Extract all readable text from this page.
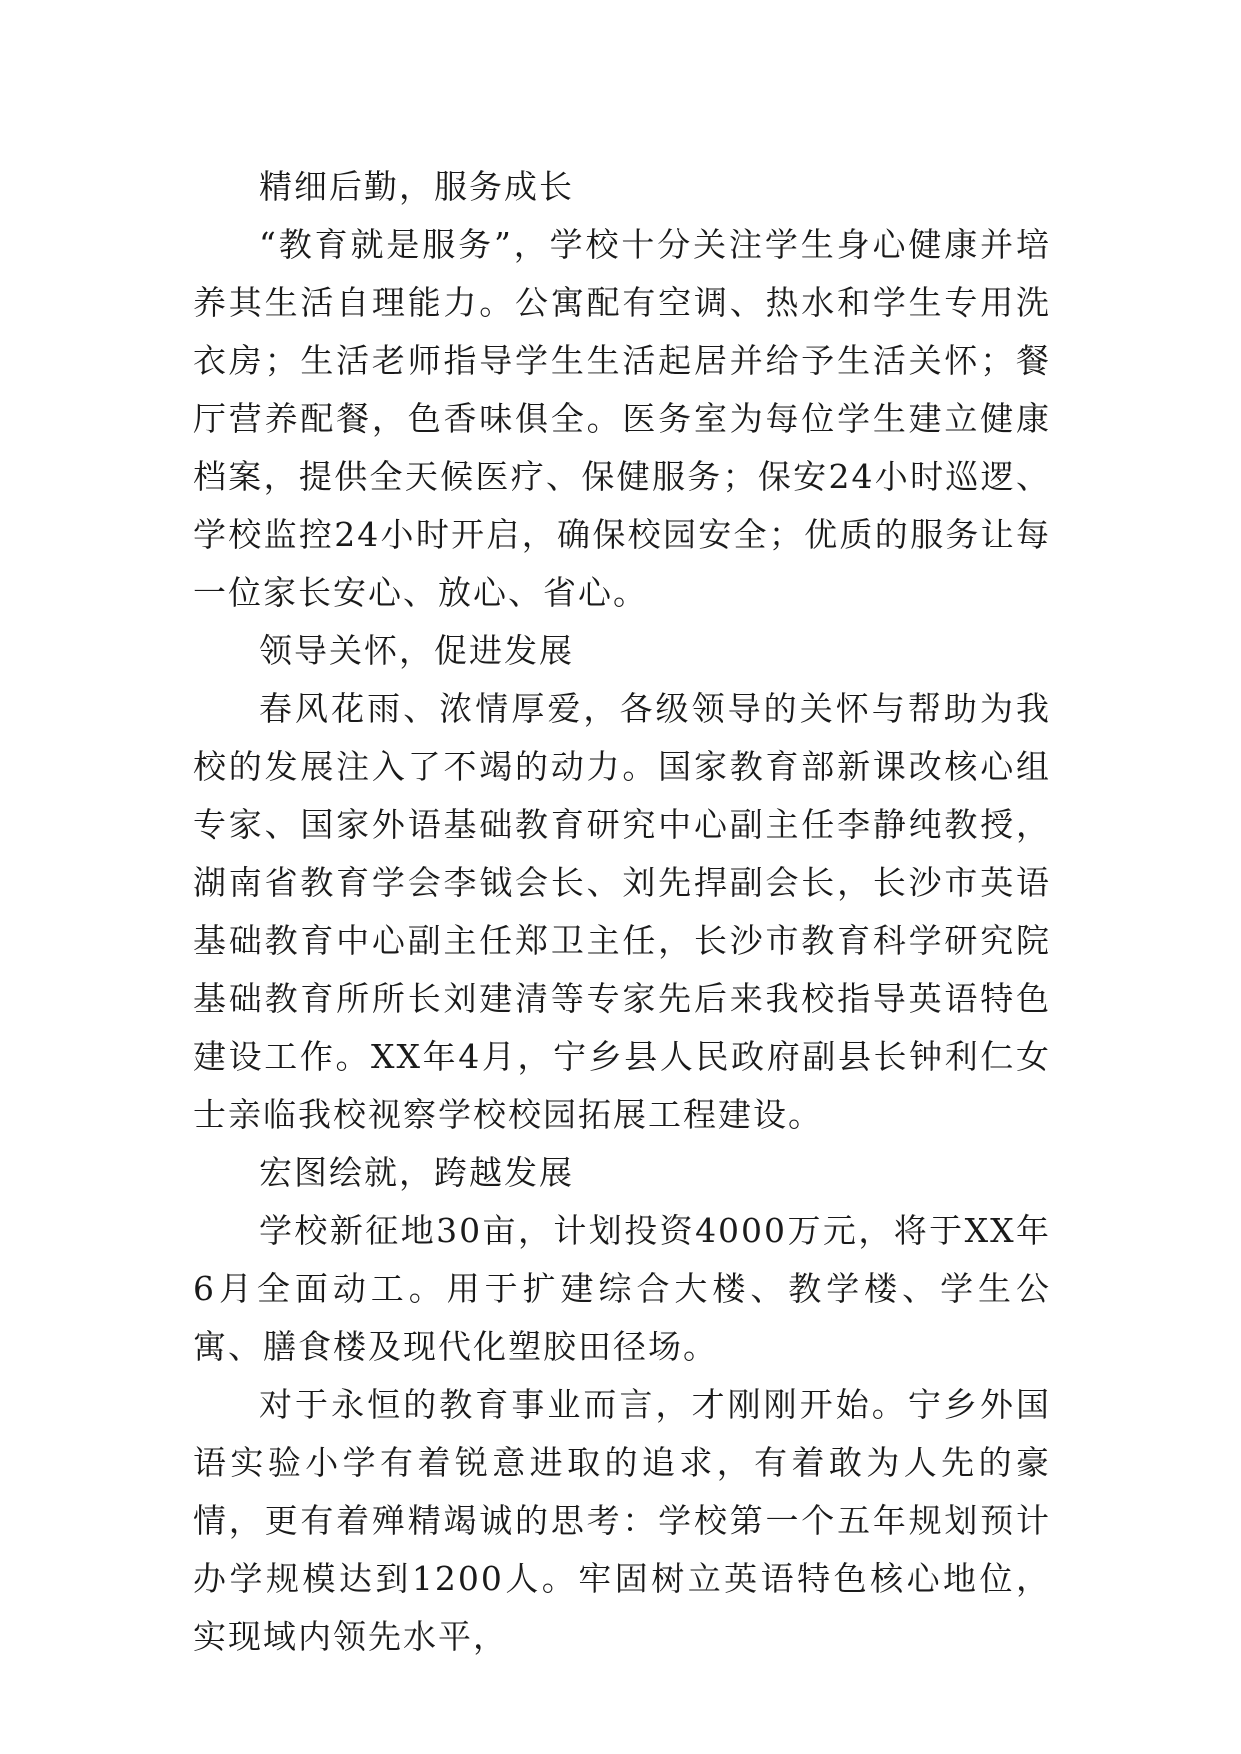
精细后勤，服务成长

“教育就是服务”，学校十分关注学生身心健康并培养其生活自理能力。公寓配有空调、热水和学生专用洗衣房；生活老师指导学生生活起居并给予生活关怀；餐厅营养配餐，色香味俱全。医务室为每位学生建立健康档案，提供全天候医疗、保健服务；保安24小时巡逻、学校监控24小时开启，确保校园安全；优质的服务让每一位家长安心、放心、省心。

领导关怀，促进发展

春风花雨、浓情厚爱，各级领导的关怀与帮助为我校的发展注入了不竭的动力。国家教育部新课改核心组专家、国家外语基础教育研究中心副主任李静纯教授，湖南省教育学会李钺会长、刘先捍副会长，长沙市英语基础教育中心副主任郑卫主任，长沙市教育科学研究院基础教育所所长刘建清等专家先后来我校指导英语特色建设工作。XX年4月，宁乡县人民政府副县长钟利仁女士亲临我校视察学校校园拓展工程建设。

宏图绘就，跨越发展

学校新征地30亩，计划投资4000万元，将于XX年6月全面动工。用于扩建综合大楼、教学楼、学生公寓、膳食楼及现代化塑胶田径场。

对于永恒的教育事业而言，才刚刚开始。宁乡外国语实验小学有着锐意进取的追求，有着敢为人先的豪情，更有着殚精竭诚的思考：学校第一个五年规划预计办学规模达到1200人。牢固树立英语特色核心地位，实现域内领先水平，
